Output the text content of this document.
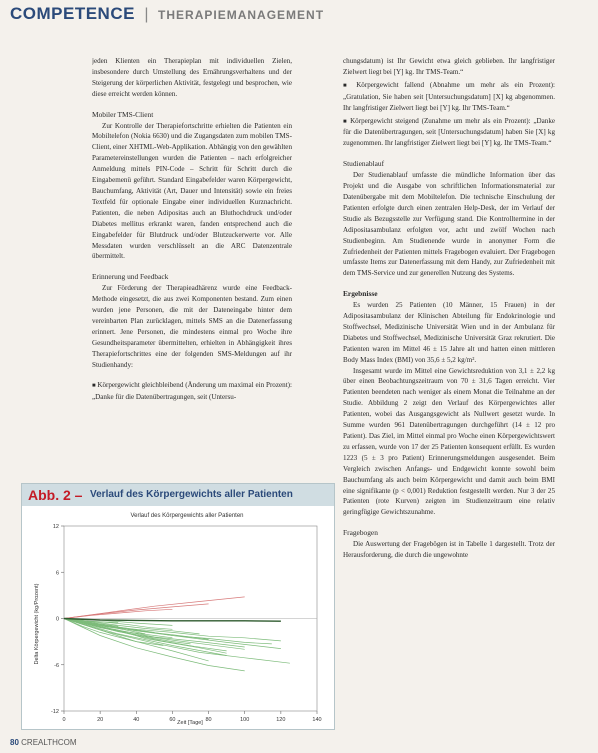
COMPETENCE | THERAPIEMANAGEMENT

jeden Klienten ein Therapieplan mit individuellen Zielen, insbesondere durch Umstellung des Ernährungsverhaltens und der Steigerung der körperlichen Aktivität, festgelegt und besprochen, wie diese erreicht werden können.

Mobiler TMS-Client

Zur Kontrolle der Therapiefortschritte erhielten die Patienten ein Mobiltelefon (Nokia 6630) und die Zugangsdaten zum mobilen TMS-Client, einer XHTML-Web-Applikation. Abhängig von den gewählten Parametereinstellungen wurden die Patienten – nach erfolgreicher Anmeldung mittels PIN-Code – Schritt für Schritt durch die Eingabemenü geführt. Standard Eingabefelder waren Körpergewicht, Bauchumfang, Aktivität (Art, Dauer und Intensität) sowie ein freies Textfeld für optionale Eingabe einer individuellen Kurznachricht. Patienten, die neben Adipositas auch an Bluthochdruck und/oder Diabetes mellitus erkrankt waren, fanden entsprechend auch die Eingabefelder für Blutdruck und/oder Blutzuckerwerte vor. Alle Messdaten wurden verschlüsselt an die ARC Datenzentrale übermittelt.

Erinnerung und Feedback

Zur Förderung der Therapieadhärenz wurde eine Feedback-Methode eingesetzt, die aus zwei Komponenten bestand. Zum einen wurden jene Personen, die mit der Dateneingabe hinter dem vereinbarten Plan zurücklagen, mittels SMS an die Datenerfassung erinnert. Jene Personen, die mindestens einmal pro Woche ihre Gesundheitsparameter übermittelten, erhielten in Abhängigkeit ihres Therapiefortschrittes eine der folgenden SMS-Meldungen auf ihr Studienhandy:

■ Körpergewicht gleichbleibend (Änderung um maximal ein Prozent): „Danke für die Datenübertragungen, seit (Untersu-

chungsdatum) ist Ihr Gewicht etwa gleich geblieben. Ihr langfristiger Zielwert liegt bei [Y] kg. Ihr TMS-Team.“

■ Körpergewicht fallend (Abnahme um mehr als ein Prozent): „Gratulation, Sie haben seit [Untersuchungsdatum] [X] kg abgenommen. Ihr langfristiger Zielwert liegt bei [Y] kg. Ihr TMS-Team.“

■ Körpergewicht steigend (Zunahme um mehr als ein Prozent): „Danke für die Datenübertragungen, seit [Untersuchungsdatum] haben Sie [X] kg zugenommen. Ihr langfristiger Zielwert liegt bei [Y] kg. Ihr TMS-Team.“

Studienablauf

Der Studienablauf umfasste die mündliche Information über das Projekt und die Ausgabe von schriftlichen Informationsmaterial zur Datenübergabe mit dem Mobiltelefon. Die technische Einschulung der Patienten erfolgte durch einen zentralen Help-Desk, der im Verlauf der Studie als Bezugsstelle zur Verfügung stand. Die Kontrolltermine in der Adipositasambulanz erfolgten vor, acht und zwölf Wochen nach Studienbeginn. Am Studienende wurde in anonymer Form die Zufriedenheit der Patienten mittels Fragebogen evaluiert. Der Fragebogen umfasste Items zur Datenerfassung mit dem Handy, zur Zufriedenheit mit dem TMS-Service und zur generellen Nutzung des Systems.

Ergebnisse

Es wurden 25 Patienten (10 Männer, 15 Frauen) in der Adipositasambulanz der Klinischen Abteilung für Endokrinologie und Stoffwechsel, Medizinische Universität Wien und in der Ambulanz für Diabetes und Stoffwechsel, Medizinische Universität Graz rekrutiert. Die Patienten waren im Mittel 46 ± 15 Jahre alt und hatten einen mittleren Body Mass Index (BMI) von 35,6 ± 5,2 kg/m².

Insgesamt wurde im Mittel eine Gewichtsreduktion von 3,1 ± 2,2 kg über einen Beobachtungszeitraum von 70 ± 31,6 Tagen erreicht. Vier Patienten beendeten nach weniger als einem Monat die Teilnahme an der Studie. Abbildung 2 zeigt den Verlauf des Körpergewichtes aller Patienten, wobei das Ausgangsgewicht als Nullwert gesetzt wurde. In Summe wurden 961 Datenübertragungen durchgeführt (14 ± 12 pro Patient). Das Ziel, im Mittel einmal pro Woche einen Körpergewichtswert zu erfassen, wurde von 17 der 25 Patienten konsequent erfüllt. Es wurden 1223 (5 ± 3 pro Patient) Erinnerungsmeldungen ausgesendet. Beim Vergleich zwischen Anfangs- und Endgewicht konnte sowohl beim Bauchumfang als auch beim Körpergewicht und damit auch beim BMI eine signifikante (p < 0,001) Reduktion festgestellt werden. Nur 3 der 25 Patienten (rote Kurven) zeigten im Studienzeitraum eine relativ geringfügige Gewichtszunahme.

Fragebogen

Die Auswertung der Fragebögen ist in Tabelle 1 dargestellt. Trotz der Herausforderung, die durch die ungewohnte

Abb. 2 – Verlauf des Körpergewichts aller Patienten
Verlauf des Körpergewichts aller Patienten
Delta Körpergewicht (kg/Prozent)
Zeit [Tage]
12
6
0
-6
-12
0	20	40	60	80	100	120	140
80 CREALTHCOM
